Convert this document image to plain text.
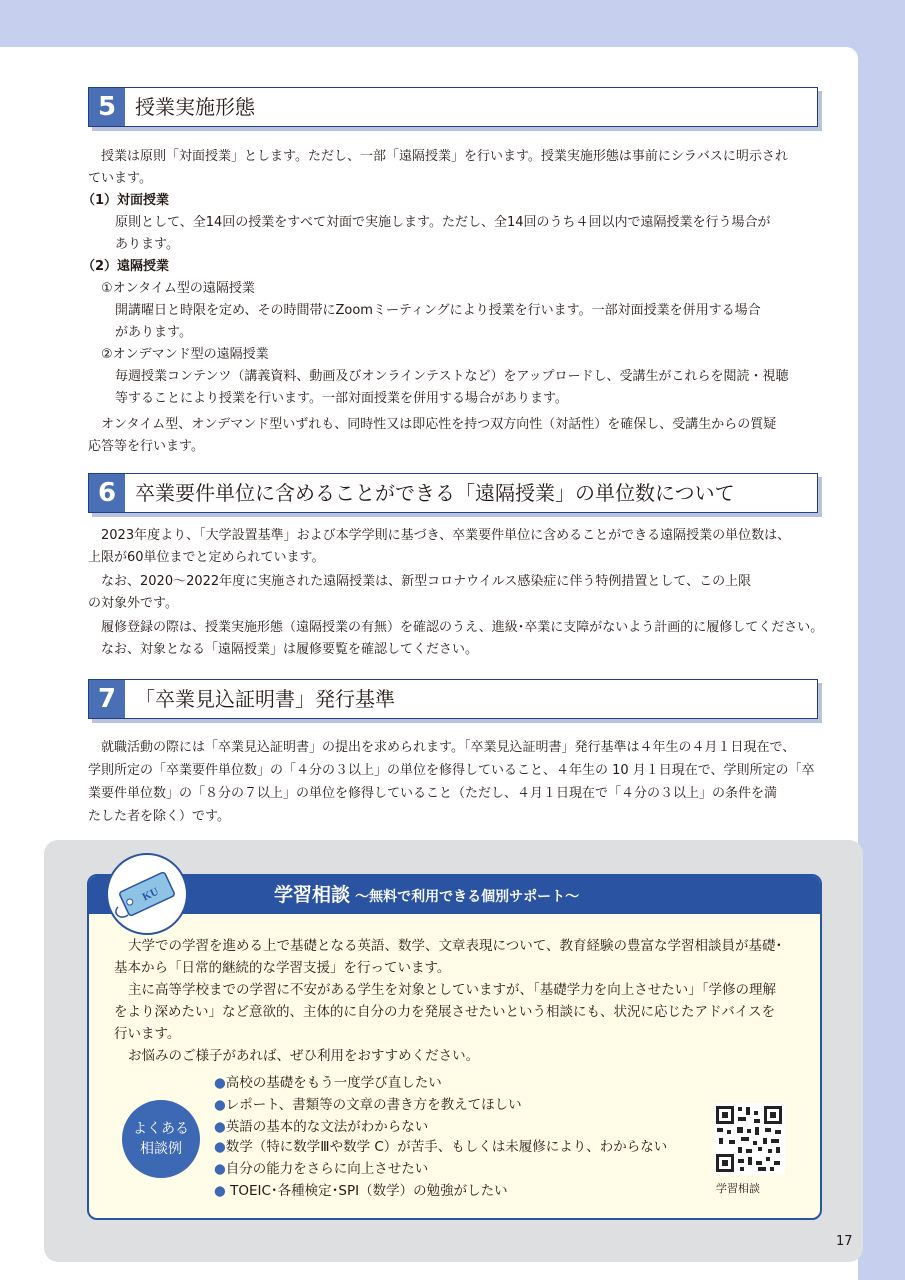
5 授業実施形態
授業は原則「対面授業」とします。ただし、一部「遠隔授業」を行います。授業実施形態は事前にシラバスに明示され
ています。
（1）対面授業
原則として、全14回の授業をすべて対面で実施します。ただし、全14回のうち４回以内で遠隔授業を行う場合が
あります。
（2）遠隔授業
①オンタイム型の遠隔授業
開講曜日と時限を定め、その時間帯にZoomミーティングにより授業を行います。一部対面授業を併用する場合
があります。
②オンデマンド型の遠隔授業
毎週授業コンテンツ（講義資料、動画及びオンラインテストなど）をアップロードし、受講生がこれらを閲読・視聴
等することにより授業を行います。一部対面授業を併用する場合があります。
オンタイム型、オンデマンド型いずれも、同時性又は即応性を持つ双方向性（対話性）を確保し、受講生からの質疑
応答等を行います。
6 卒業要件単位に含めることができる「遠隔授業」の単位数について
2023年度より、「大学設置基準」および本学学則に基づき、卒業要件単位に含めることができる遠隔授業の単位数は、
上限が60単位までと定められています。
なお、2020～2022年度に実施された遠隔授業は、新型コロナウイルス感染症に伴う特例措置として、この上限
の対象外です。
履修登録の際は、授業実施形態（遠隔授業の有無）を確認のうえ、進級･卒業に支障がないよう計画的に履修してください。
なお、対象となる「遠隔授業」は履修要覧を確認してください。
7 「卒業見込証明書」発行基準
就職活動の際には「卒業見込証明書」の提出を求められます。「卒業見込証明書」発行基準は４年生の４月１日現在で、
学則所定の「卒業要件単位数」の「４分の３以上」の単位を修得していること、４年生の 10 月１日現在で、学則所定の「卒
業要件単位数」の「８分の７以上」の単位を修得していること（ただし、４月１日現在で「４分の３以上」の条件を満
たした者を除く）です。
学習相談 ～無料で利用できる個別サポート～
KU
大学での学習を進める上で基礎となる英語、数学、文章表現について、教育経験の豊富な学習相談員が基礎･
基本から「日常的継続的な学習支援」を行っています。
主に高等学校までの学習に不安がある学生を対象としていますが、「基礎学力を向上させたい」「学修の理解
をより深めたい」など意欲的、主体的に自分の力を発展させたいという相談にも、状況に応じたアドバイスを
行います。
お悩みのご様子があれば、ぜひ利用をおすすめください。
よくある
相談例
●高校の基礎をもう一度学び直したい
●レポート、書類等の文章の書き方を教えてほしい
●英語の基本的な文法がわからない
●数学（特に数学Ⅲや数学 C）が苦手、もしくは未履修により、わからない
●自分の能力をさらに向上させたい
● TOEIC･各種検定･SPI（数学）の勉強がしたい	学習相談
17
